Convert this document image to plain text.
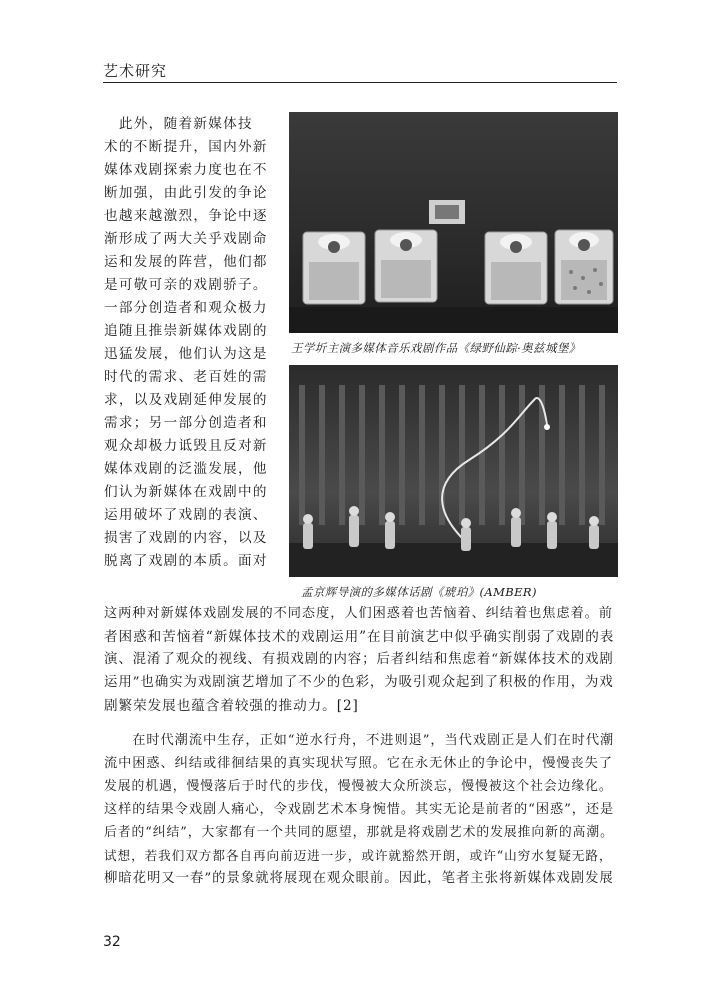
艺术研究
　此外，随着新媒体技
术的不断提升，国内外新
媒体戏剧探索力度也在不
断加强，由此引发的争论
也越来越激烈，争论中逐
渐形成了两大关乎戏剧命
运和发展的阵营，他们都
是可敬可亲的戏剧骄子。
一部分创造者和观众极力
追随且推崇新媒体戏剧的
迅猛发展，他们认为这是
时代的需求、老百姓的需
求，以及戏剧延伸发展的
需求；另一部分创造者和
观众却极力诋毁且反对新
媒体戏剧的泛滥发展，他
们认为新媒体在戏剧中的
运用破坏了戏剧的表演、
损害了戏剧的内容，以及
脱离了戏剧的本质。面对
王学圻主演多媒体音乐戏剧作品《绿野仙踪·奥兹城堡》
孟京辉导演的多媒体话剧《琥珀》(AMBER)
这两种对新媒体戏剧发展的不同态度，人们困惑着也苦恼着、纠结着也焦虑着。前
者困惑和苦恼着“新媒体技术的戏剧运用”在目前演艺中似乎确实削弱了戏剧的表
演、混淆了观众的视线、有损戏剧的内容；后者纠结和焦虑着“新媒体技术的戏剧
运用”也确实为戏剧演艺增加了不少的色彩，为吸引观众起到了积极的作用，为戏
剧繁荣发展也蕴含着较强的推动力。[2]
　　在时代潮流中生存，正如“逆水行舟，不进则退”，当代戏剧正是人们在时代潮
流中困惑、纠结或徘徊结果的真实现状写照。它在永无休止的争论中，慢慢丧失了
发展的机遇，慢慢落后于时代的步伐，慢慢被大众所淡忘，慢慢被这个社会边缘化。
这样的结果令戏剧人痛心，令戏剧艺术本身惋惜。其实无论是前者的“困惑”，还是
后者的“纠结”，大家都有一个共同的愿望，那就是将戏剧艺术的发展推向新的高潮。
试想，若我们双方都各自再向前迈进一步，或许就豁然开朗，或许“山穷水复疑无路，
柳暗花明又一春”的景象就将展现在观众眼前。因此，笔者主张将新媒体戏剧发展
32
